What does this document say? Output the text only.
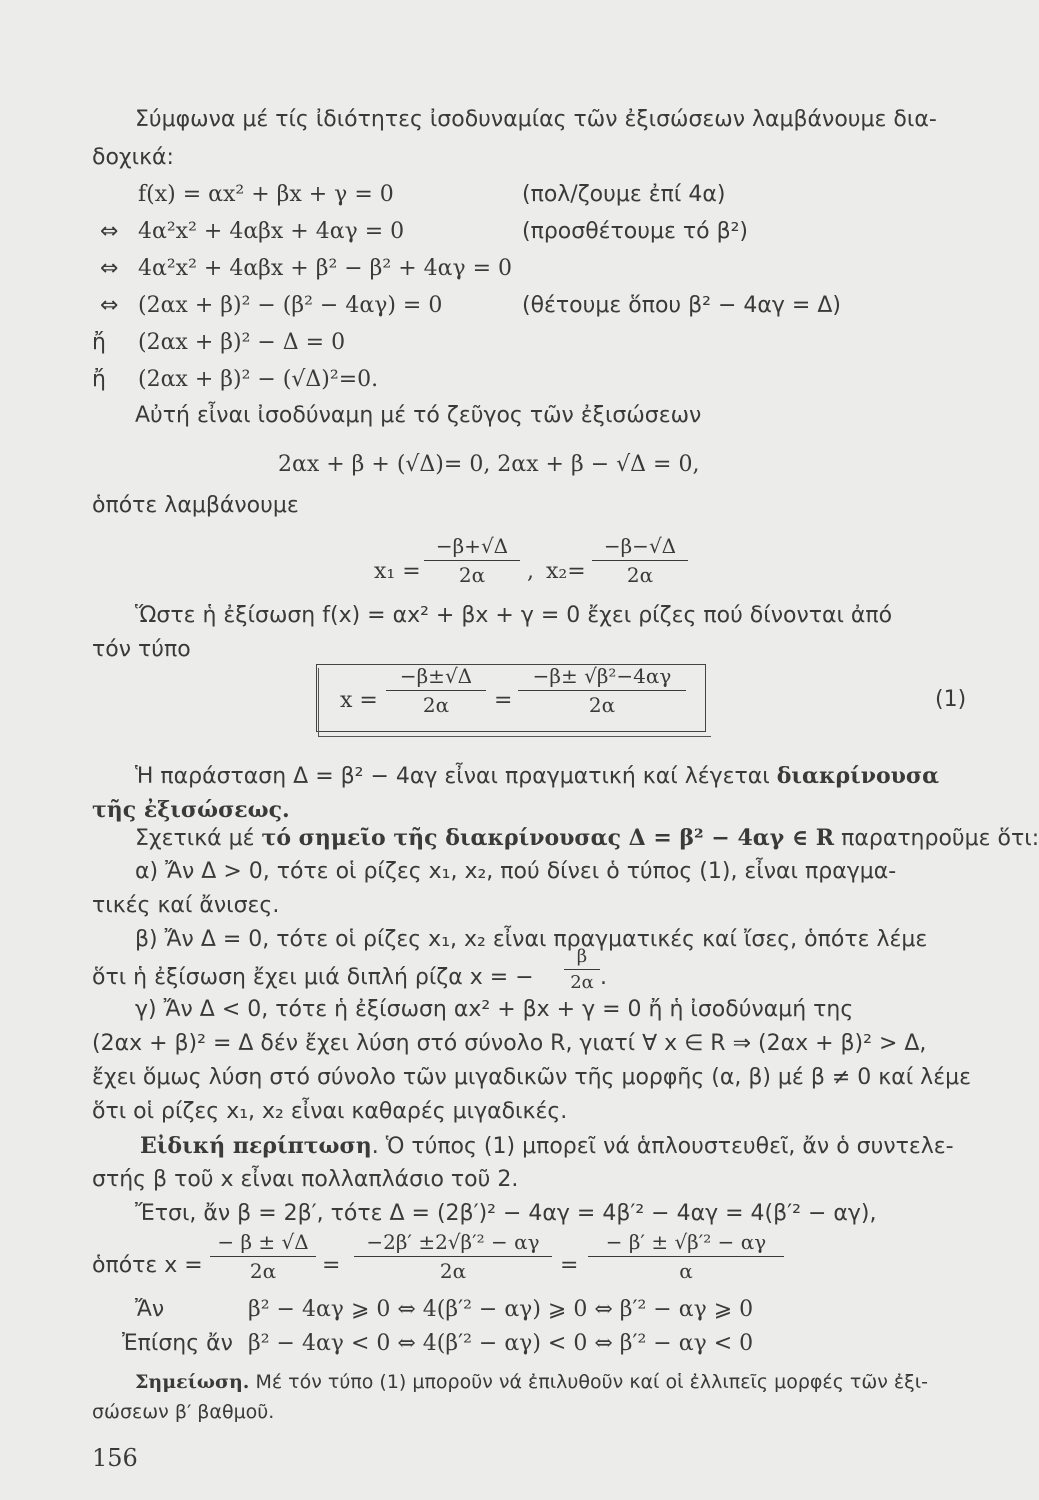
Σύμφωνα μέ τίς ἰδιότητες ἰσοδυναμίας τῶν ἐξισώσεων λαμβάνουμε δια-
δοχικά:
f(x) = αx² + βx + γ = 0	(πολ/ζουμε ἐπί 4α)
⇔ 4α²x² + 4αβx + 4αγ = 0	(προσθέτουμε τό β²)
⇔ 4α²x² + 4αβx + β² − β² + 4αγ = 0
⇔ (2αx + β)² − (β² − 4αγ) = 0	(θέτουμε ὅπου β² − 4αγ = Δ)
ἤ (2αx + β)² − Δ = 0
ἤ (2αx + β)² − (√Δ)²=0.
Αὐτή εἶναι ἰσοδύναμη μέ τό ζεῦγος τῶν ἐξισώσεων
2αx + β + (√Δ)= 0, 2αx + β − √Δ = 0,
ὁπότε λαμβάνουμε
$x_1 = \frac{-\beta+√\Delta}{2\alpha}$ , $x_2= \frac{-\beta-√\Delta}{2\alpha}$
Ὥστε ἡ ἐξίσωση f(x) = αx² + βx + γ = 0 ἔχει ρίζες πού δίνονται ἀπό
τόν τύπο
$x = \frac{-\beta\pm√\Delta}{2\alpha} = \frac{\text{−β± √β²−4αγ}}{2\alpha}$	(1)
Ἡ παράσταση Δ = β² − 4αγ εἶναι πραγματική καί λέγεται διακρίνουσα
τῆς ἐξισώσεως.
Σχετικά μέ τό σημεῖο τῆς διακρίνουσας Δ = β² − 4αγ ∈ R παρατηροῦμε ὅτι:
α) Ἄν Δ > 0, τότε οἱ ρίζες x₁, x₂, πού δίνει ὁ τύπος (1), εἶναι πραγμα-
τικές καί ἄνισες.
β) Ἄν Δ = 0, τότε οἱ ρίζες x₁, x₂ εἶναι πραγματικές καί ἴσες, ὁπότε λέμε
ὅτι ἡ ἐξίσωση ἔχει μιά διπλή ρίζα x = − $\frac{\beta}{2\alpha}$ .
γ) Ἄν Δ < 0, τότε ἡ ἐξίσωση αx² + βx + γ = 0 ἤ ἡ ἰσοδύναμή της
(2αx + β)² = Δ δέν ἔχει λύση στό σύνολο R, γιατί ∀ x ∈ R ⇒ (2αx + β)² > Δ,
ἔχει ὅμως λύση στό σύνολο τῶν μιγαδικῶν τῆς μορφῆς (α, β) μέ β ≠ 0 καί λέμε
ὅτι οἱ ρίζες x₁, x₂ εἶναι καθαρές μιγαδικές.
Εἰδική περίπτωση. Ὁ τύπος (1) μπορεῖ νά ἁπλουστευθεῖ, ἄν ὁ συντελε-
στής β τοῦ x εἶναι πολλαπλάσιο τοῦ 2.
Ἔτσι, ἄν β = 2β′, τότε Δ = (2β′)² − 4αγ = 4β′² − 4αγ = 4(β′² − αγ),
ὁπότε $x = \frac{- \beta \pm √\Delta}{2\alpha} = \frac{\text{−2β′ ±2√β′² − αγ}}{2\alpha} = \frac{\text{− β′ ± √β′² − αγ}}{\alpha}$
Ἄν	β² − 4αγ ⩾ 0 ⇔ 4(β′² − αγ) ⩾ 0 ⇔ β′² − αγ ⩾ 0
Ἐπίσης ἄν β² − 4αγ < 0 ⇔ 4(β′² − αγ) < 0 ⇔ β′² − αγ < 0
Σημείωση. Μέ τόν τύπο (1) μποροῦν νά ἐπιλυθοῦν καί οἱ ἐλλιπεῖς μορφές τῶν ἐξι-
σώσεων β′ βαθμοῦ.
156
